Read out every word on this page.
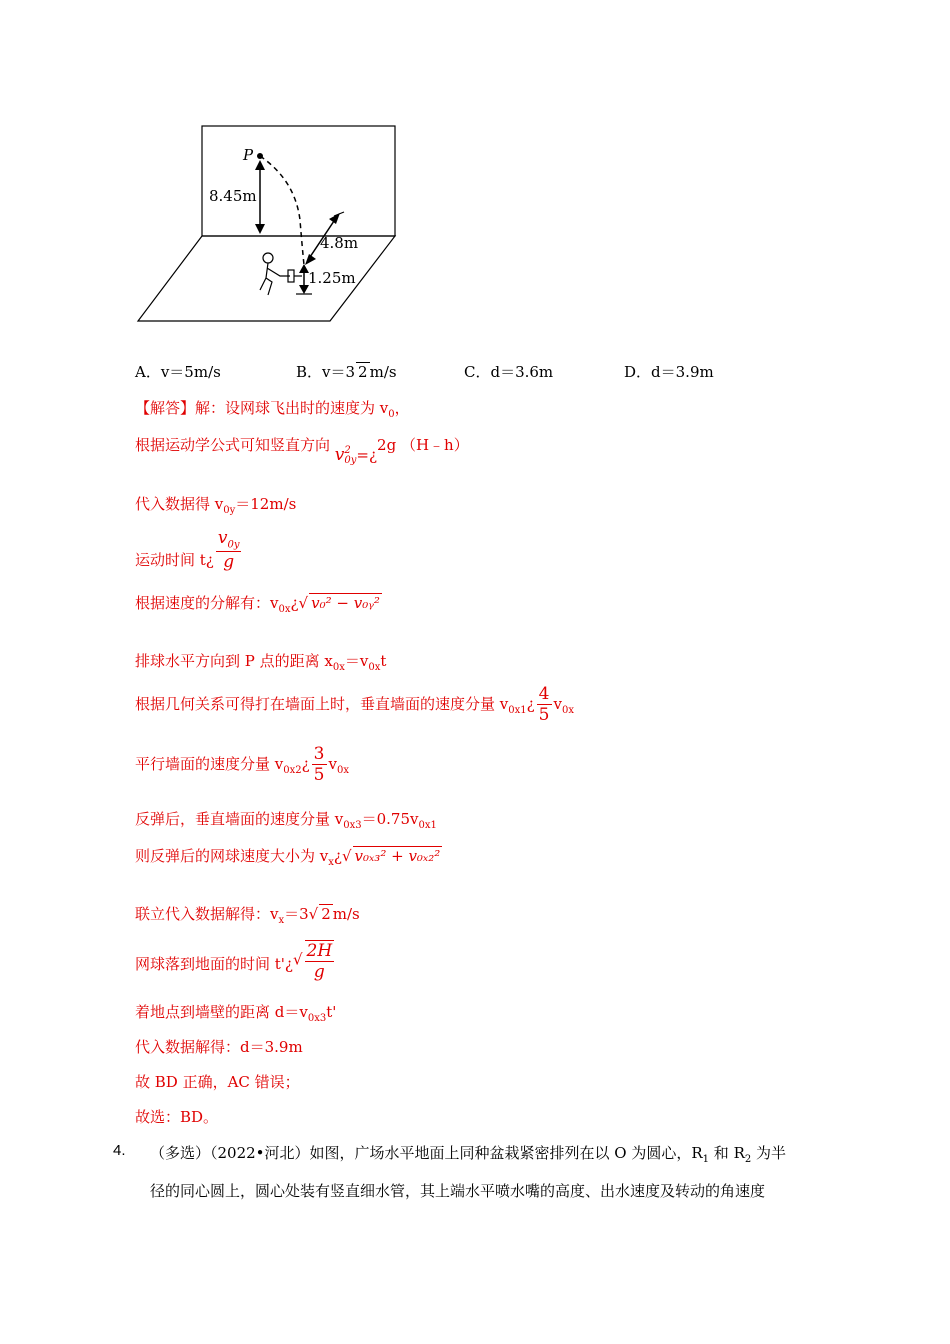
P
8.45m
4.8m
1.25m
A．v＝5m/s	B．v＝3 2 m/s	C．d＝3.6m	D．d＝3.9m
【解答】解：设网球飞出时的速度为 $v_0$，
根据运动学公式可知竖直方向 v 2
0y =¿2g （H﹣h）
代入数据得 $v_{0y}=12m/s$
运动时间 t¿ $\frac{v_{0y}}{g}$
根据速度的分解有：$v_{0x}¿√$ v₀² − v₀ᵧ²
排球水平方向到 P 点的距离 $x_{0x}=v_{0x}t$
根据几何关系可得打在墙面上时，垂直墙面的速度分量 $v_{0x1}¿ \frac{4}{5} v_{0x}$
平行墙面的速度分量 $v_{0x2}¿ \frac{3}{5} v_{0x}$
反弹后，垂直墙面的速度分量 $v_{0x3}=0.75v_{0x1}$
则反弹后的网球速度大小为 $v_x¿√$ v₀ₓ₃² + v₀ₓ₂²
联立代入数据解得：$v_x=3√$ 2 m/s
网球落到地面的时间 t'¿√ $\frac{2H}{g}$
着地点到墙壁的距离 $d=v_{0x3}t'$
代入数据解得：d＝3.9m
故 BD 正确，AC 错误；
故选：BD。
4. （多选）（2022•河北）如图，广场水平地面上同种盆栽紧密排列在以 O 为圆心，$R_1$ 和 $R_2$ 为半
径的同心圆上，圆心处装有竖直细水管，其上端水平喷水嘴的高度、出水速度及转动的角速度
